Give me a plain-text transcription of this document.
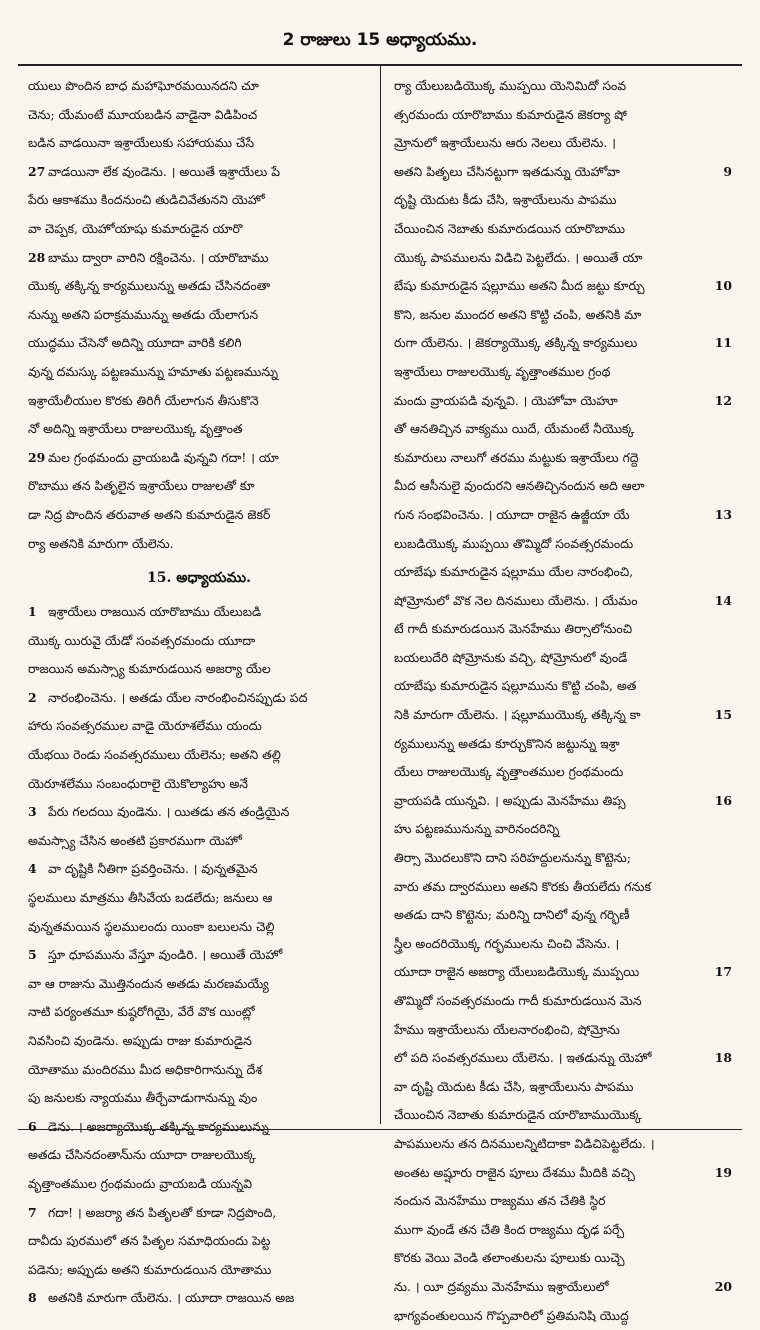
2 రాజులు 15 అధ్యాయము.
యులు పొందిన బాధ మహాఘోరమయినదని చూ
చెను; యేమంటే మూయబడిన వాడైనా విడిపించ
బడిన వాడయినా ఇశ్రాయేలుకు సహాయము చేసే
27 వాడయినా లేక వుండెను. । అయితే ఇశ్రాయేలు పే
పేరు ఆకాశము కిందనుంచి తుడిచివేతునని యెహో
వా చెప్పక, యెహోయాషు కుమారుడైన యారొ
28 బాము ద్వారా వారిని రక్షించెను. । యారొబాము
యొక్క తక్కిన్న కార్యములున్ను అతడు చేసినదంతా
నున్ను అతని పరాక్రమమున్ను అతడు యేలాగున
యుద్ధము చేసెనో అదిన్ని యూదా వారికి కలిగి
వున్న దమస్కు పట్టణమున్ను హమాతు పట్టణమున్ను
ఇశ్రాయేలీయుల కొరకు తిరిగీ యేలాగున తీసుకొనె
నో అదిన్ని ఇశ్రాయేలు రాజులయొక్క వృత్తాంత
29 మల గ్రంథమందు వ్రాయబడి వున్నవి గదా! । యా
రొబాము తన పితృలైన ఇశ్రాయేలు రాజులతో కూ
డా నిద్ర పొందిన తరువాత అతని కుమారుడైన జెకర్
ర్యా అతనికి మారుగా యేలెను.
15. అధ్యాయము.
1 ఇశ్రాయేలు రాజయిన యారొబాము యేలుబడి
యొక్క యిరువై యేడో సంవత్సరమందు యూదా
రాజయిన అమస్స్యా కుమారుడయిన అజర్యా యేల
2 నారంభించెను. । అతడు యేల నారంభించినప్పుడు పద
హారు సంవత్సరముల వాడై యెరూశలేము యందు
యేభయి రెండు సంవత్సరములు యేలెను; అతని తల్లి
యెరూశలేము సంబంధురాలై యెకొల్యాహు అనే
3 పేరు గలదయి వుండెను. । యితడు తన తండ్రియైన
అమస్స్యా చేసిన అంతటి ప్రకారముగా యెహో
4 వా దృష్టికి నీతిగా ప్రవర్తించెను. । వున్నతమైన
స్థలములు మాత్రము తీసివేయ బడలేదు; జనులు ఆ
వున్నతమయిన స్థలములందు యింకా బలులను చెల్లి
5 స్తూ ధూపమును వేస్తూ వుండిరి. । అయితే యెహో
వా ఆ రాజును మొత్తినందున అతడు మరణమయ్యే
నాటి పర్యంతమూ కుష్ఠరోగియై, వేరే వొక యింట్లో
నివసించి వుండెను. అప్పుడు రాజు కుమారుడైన
యోతాము మందిరము మీద అధికారిగానున్ను దేశ
పు జనులకు న్యాయము తీర్చేవాడుగానున్ను వుం
6 డెను. । అజర్యాయొక్క తక్కిన్న కార్యములున్ను
అతడు చేసినదంతాను్ను యూదా రాజులయొక్క
వృత్తాంతముల గ్రంథమందు వ్రాయబడి యున్నవి
7 గదా! । అజర్యా తన పితృలతో కూడా నిద్రపొంది,
దావీదు పురములో తన పితృల సమాధియందు పెట్ట
పడెను; అప్పుడు అతని కుమారుడయిన యోతాము
8 అతనికి మారుగా యేలెను. । యూదా రాజయిన అజ
ర్యా యేలుబడియొక్క ముప్పయి యెనిమిదో సంవ
త్సరమందు యారొబాము కుమారుడైన జెకర్యా షో
మ్రోనులో ఇశ్రాయేలును ఆరు నెలలు యేలెను. ।
9
అతని పితృలు చేసినట్టుగా ఇతడున్ను యెహోవా
దృష్టి యెదుట కీడు చేసి, ఇశ్రాయేలును పాపము
చేయించిన నెబాతు కుమారుడయిన యారొబాము
యొక్క పాపములను విడిచి పెట్టలేదు. । అయితే యా
10
బేషు కుమారుడైన షల్లూము అతని మీద జట్టు కూర్చు
కొని, జనుల ముందర అతని కొట్టి చంపి, అతనికి మా
11
రుగా యేలెను. । జెకర్యాయొక్క తక్కిన్న కార్యములు
ఇశ్రాయేలు రాజులయొక్క వృత్తాంతముల గ్రంథ
12
మందు వ్రాయపడి వున్నవి. । యెహోవా యెహూ
తో ఆనతిచ్చిన వాక్యము యిదే, యేమంటే నీయొక్క
కుమారులు నాలుగో తరము మట్టుకు ఇశ్రాయేలు గద్దె
మీద ఆసీనులై వుందురని ఆనతిచ్చినందున అది ఆలా
13
గున సంభవించెను. । యూదా రాజైన ఉజ్జీయా యే
లుబడియొక్క ముప్పయి తొమ్మిదో సంవత్సరమందు
యాబేషు కుమారుడైన షల్లూము యేల నారంభించి,
14
షోమ్రోనులో వొక నెల దినములు యేలెను. । యేమం
టే గాదీ కుమారుడయిన మెనహేము తిర్సాలోనుంచి
బయలుదేరి షోమ్రోనుకు వచ్చి, షోమ్రోనులో వుండే
యాబేషు కుమారుడైన షల్లూమును కొట్టి చంపి, అత
15
నికి మారుగా యేలెను. । షల్లూముయొక్క తక్కిన్న కా
ర్యములున్ను అతడు కూర్చుకొనిన జట్టున్ను ఇశ్రా
యేలు రాజులయొక్క వృత్తాంతముల గ్రంథమందు
16
వ్రాయపడి యున్నవి. । అప్పుడు మెనహేము తిప్స
హు పట్టణమునున్ను వారినందరిన్ని
తిర్సా మొదలుకొని దాని సరిహద్దులనున్ను కొట్టెను;
వారు తమ ద్వారములు అతని కొరకు తీయలేదు గనుక
అతడు దాని కొట్టెను; మరిన్ని దానిలో వున్న గర్భిణీ
స్త్రీల అందరియొక్క గర్భములను చించి వేసెను. ।
17
యూదా రాజైన అజర్యా యేలుబడియొక్క ముప్పయి
తొమ్మిదో సంవత్సరమందు గాదీ కుమారుడయిన మెన
హేము ఇశ్రాయేలును యేలనారంభించి, షోమ్రోను
18
లో పది సంవత్సరములు యేలెను. । ఇతడున్ను యెహో
వా దృష్టి యెదుట కీడు చేసి, ఇశ్రాయేలును పాపము
చేయించిన నెబాతు కుమారుడైన యారొబాముయొక్క
పాపములను తన దినములన్నిటిదాకా విడిచిపెట్టలేదు. ।
19
అంతట అష్షూరు రాజైన పూలు దేశము మీదికి వచ్చి
నందున మెనహేము రాజ్యము తన చేతికి స్థిర
ముగా వుండే తన చేతి కింద రాజ్యము దృఢ పర్చే
కొరకు వెయి వెండి తలాంతులను పూలుకు యిచ్చె
20
ను. । యీ ద్రవ్యము మెనహేము ఇశ్రాయేలులో
భాగ్యవంతులయిన గొప్పవారిలో ప్రతిమనిషి యొద్ద
